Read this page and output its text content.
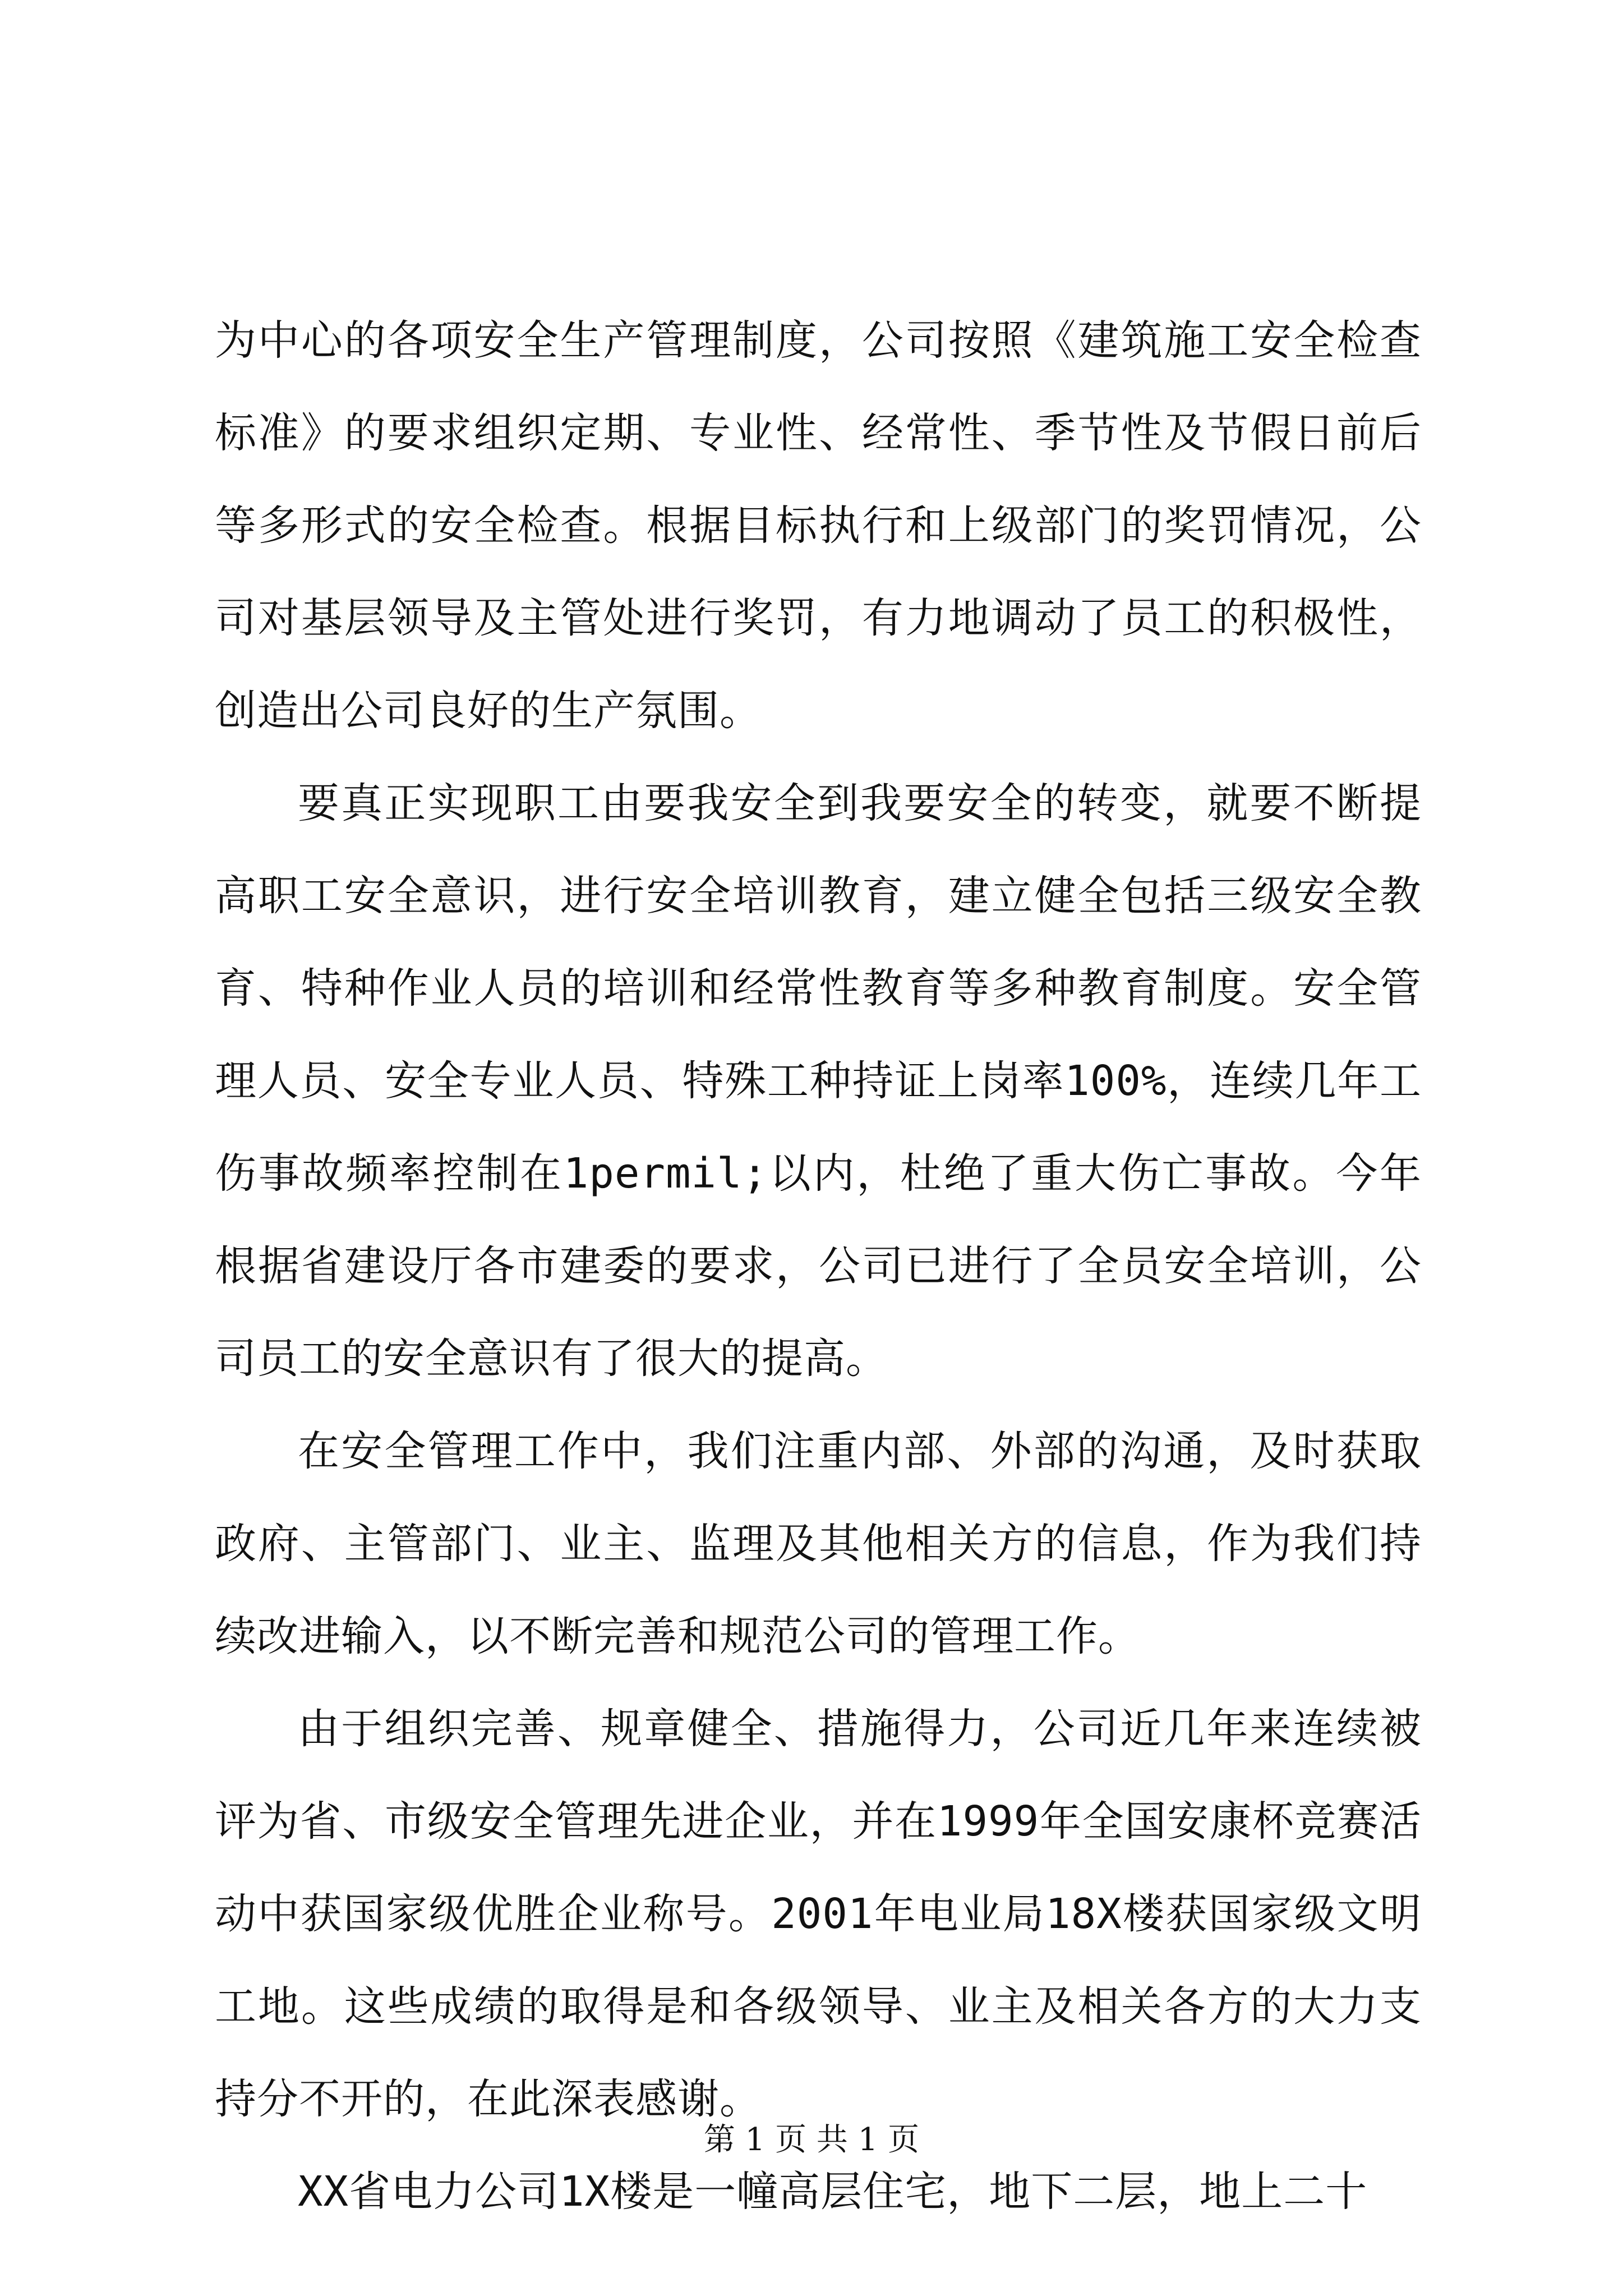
为中心的各项安全生产管理制度，公司按照《建筑施工安全检查标准》的要求组织定期、专业性、经常性、季节性及节假日前后等多形式的安全检查。根据目标执行和上级部门的奖罚情况，公司对基层领导及主管处进行奖罚，有力地调动了员工的积极性，创造出公司良好的生产氛围。

要真正实现职工由要我安全到我要安全的转变，就要不断提高职工安全意识，进行安全培训教育，建立健全包括三级安全教育、特种作业人员的培训和经常性教育等多种教育制度。安全管理人员、安全专业人员、特殊工种持证上岗率100%，连续几年工伤事故频率控制在1permil;以内，杜绝了重大伤亡事故。今年根据省建设厅各市建委的要求，公司已进行了全员安全培训，公司员工的安全意识有了很大的提高。

在安全管理工作中，我们注重内部、外部的沟通，及时获取政府、主管部门、业主、监理及其他相关方的信息，作为我们持续改进输入，以不断完善和规范公司的管理工作。

由于组织完善、规章健全、措施得力，公司近几年来连续被评为省、市级安全管理先进企业，并在1999年全国安康杯竞赛活动中获国家级优胜企业称号。2001年电业局18X楼获国家级文明工地。这些成绩的取得是和各级领导、业主及相关各方的大力支持分不开的，在此深表感谢。

XX省电力公司1X楼是一幢高层住宅，地下二层，地上二十

第 1 页 共 1 页
